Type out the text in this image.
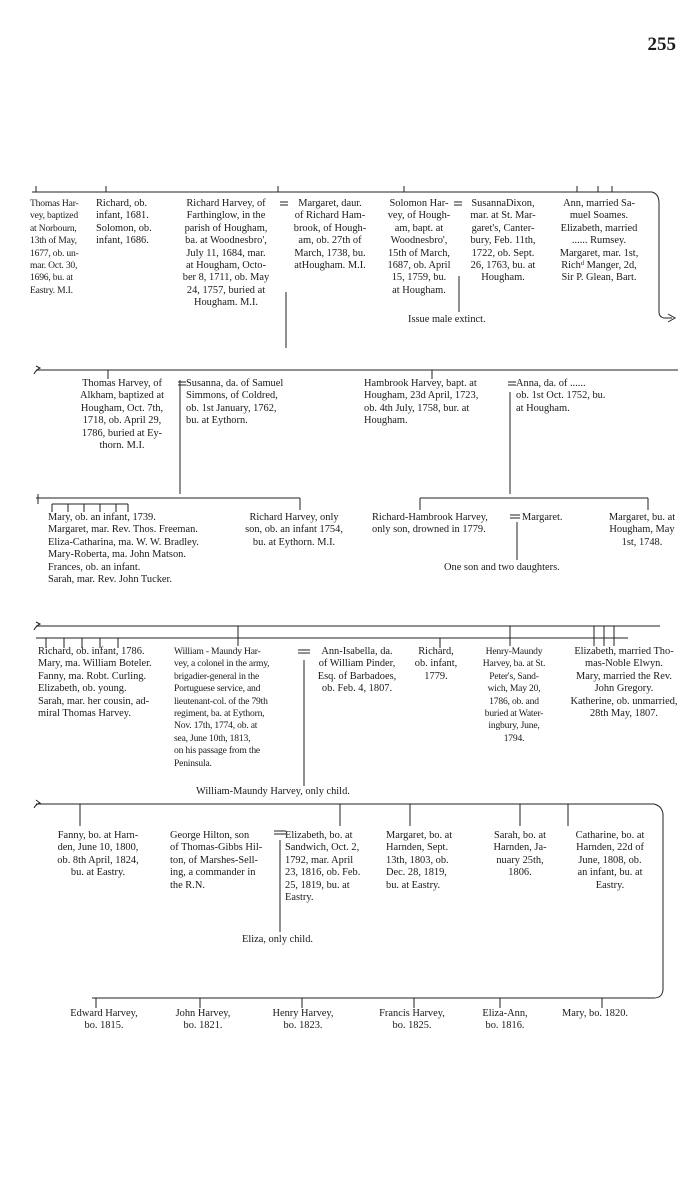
255
Thomas Har-
vey, baptized
at Norbourn,
13th of May,
1677, ob. un-
mar. Oct. 30,
1696, bu. at
Eastry. M.I.
Richard, ob.
infant, 1681.
Solomon, ob.
infant, 1686.
Richard Harvey, of
Farthinglow, in the
parish of Hougham,
ba. at Woodnesbro',
July 11, 1684, mar.
at Hougham, Octo-
ber 8, 1711, ob. May
24, 1757, buried at
Hougham. M.I.
Margaret, daur.
of Richard Ham-
brook, of Hough-
am, ob. 27th of
March, 1738, bu.
atHougham. M.I.
Solomon Har-
vey, of Hough-
am, bapt. at
Woodnesbro',
15th of March,
1687, ob. April
15, 1759, bu.
at Hougham.
SusannaDixon,
mar. at St. Mar-
garet's, Canter-
bury, Feb. 11th,
1722, ob. Sept.
26, 1763, bu. at
Hougham.
Ann, married Sa-
muel Soames.
Elizabeth, married
...... Rumsey.
Margaret, mar. 1st,
Richᵈ Manger, 2d,
Sir P. Glean, Bart.
Issue male extinct.
Thomas Harvey, of
Alkham, baptized at
Hougham, Oct. 7th,
1718, ob. April 29,
1786, buried at Ey-
thorn. M.I.
Susanna, da. of Samuel
Simmons, of Coldred,
ob. 1st January, 1762,
bu. at Eythorn.
Hambrook Harvey, bapt. at
Hougham, 23d April, 1723,
ob. 4th July, 1758, bur. at
Hougham.
Anna, da. of ......
ob. 1st Oct. 1752, bu.
at Hougham.
Mary, ob. an infant, 1739.
Margaret, mar. Rev. Thos. Freeman.
Eliza-Catharina, ma. W. W. Bradley.
Mary-Roberta, ma. John Matson.
Frances, ob. an infant.
Sarah, mar. Rev. John Tucker.
Richard Harvey, only
son, ob. an infant 1754,
bu. at Eythorn. M.I.
Richard-Hambrook Harvey,
only son, drowned in 1779.
Margaret.	Margaret, bu. at
Hougham, May
1st, 1748.
One son and two daughters.
Richard, ob. infant, 1786.
Mary, ma. William Boteler.
Fanny, ma. Robt. Curling.
Elizabeth, ob. young.
Sarah, mar. her cousin, ad-
miral Thomas Harvey.
William - Maundy Har-
vey, a colonel in the army,
brigadier-general in the
Portuguese service, and
lieutenant-col. of the 79th
regiment, ba. at Eythorn,
Nov. 17th, 1774, ob. at
sea, June 10th, 1813,
on his passage from the
Peninsula.
Ann-Isabella, da.
of William Pinder,
Esq. of Barbadoes,
ob. Feb. 4, 1807.
Richard,
ob. infant,
1779.
Henry-Maundy
Harvey, ba. at St.
Peter's, Sand-
wich, May 20,
1786, ob. and
buried at Water-
ingbury, June,
1794.
Elizabeth, married Tho-
mas-Noble Elwyn.
Mary, married the Rev.
John Gregory.
Katherine, ob. unmarried,
28th May, 1807.
William-Maundy Harvey, only child.
Fanny, bo. at Harn-
den, June 10, 1800,
ob. 8th April, 1824,
bu. at Eastry.
George Hilton, son
of Thomas-Gibbs Hil-
ton, of Marshes-Sell-
ing, a commander in
the R.N.
Elizabeth, bo. at
Sandwich, Oct. 2,
1792, mar. April
23, 1816, ob. Feb.
25, 1819, bu. at
Eastry.
Margaret, bo. at
Harnden, Sept.
13th, 1803, ob.
Dec. 28, 1819,
bu. at Eastry.
Sarah, bo. at
Harnden, Ja-
nuary 25th,
1806.
Catharine, bo. at
Harnden, 22d of
June, 1808, ob.
an infant, bu. at
Eastry.
Eliza, only child.
Edward Harvey,
bo. 1815.
John Harvey,
bo. 1821.
Henry Harvey,
bo. 1823.
Francis Harvey,
bo. 1825.
Eliza-Ann,
bo. 1816.
Mary, bo. 1820.
